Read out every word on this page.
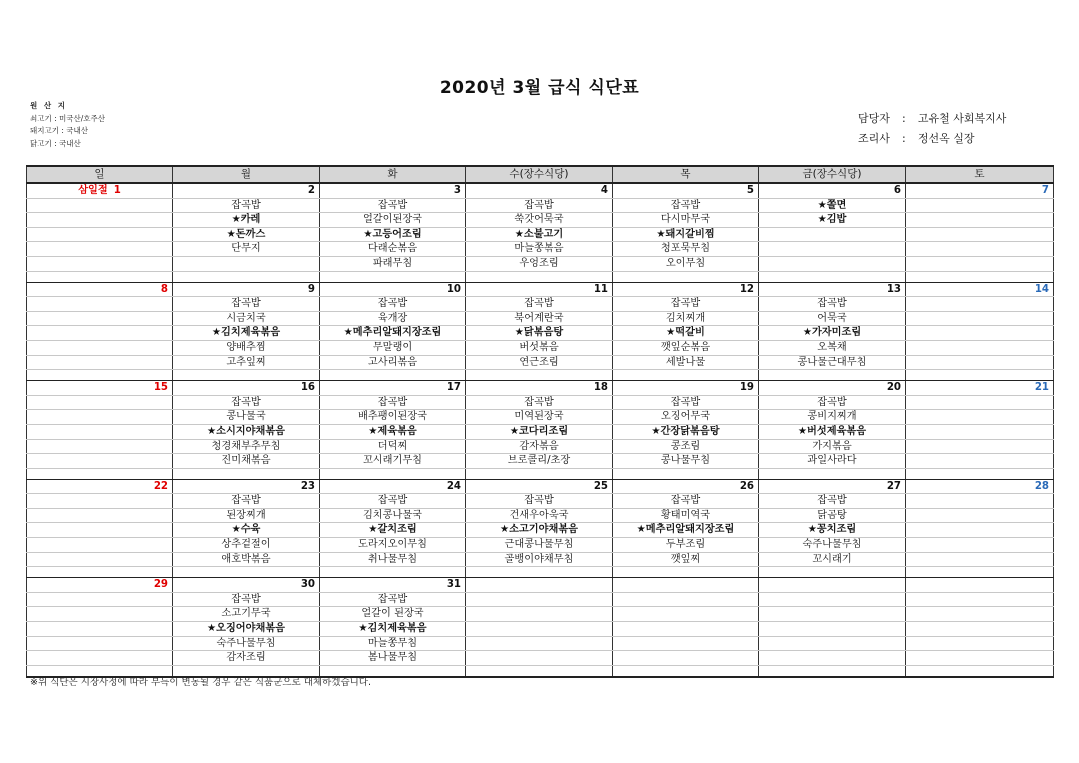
2020년 3월 급식 식단표
원 산 지
쇠고기 : 미국산/호주산
돼지고기 : 국내산
닭고기 : 국내산
담당자 : 고유철 사회복지사
조리사 : 정선옥 실장
일	월	화	수(장수식당)	목	금(장수식당)	토
삼일절 1	2	3	4	5	6	7
	잡곡밥	잡곡밥	잡곡밥	잡곡밥	★쫄면	
	★카레	얼갈이된장국	쑥갓어묵국	다시마무국	★김밥	
	★돈까스	★고등어조림	★소불고기	★돼지갈비찜		
	단무지	다래순볶음	마늘쫑볶음	청포묵무침		
		파래무침	우엉조림	오이무침		

8	9	10	11	12	13	14
	잡곡밥	잡곡밥	잡곡밥	잡곡밥	잡곡밥	
	시금치국	육개장	북어계란국	김치찌개	어묵국	
	★김치제육볶음	★메추리알돼지장조림	★닭볶음탕	★떡갈비	★가자미조림	
	양배추찜	무말랭이	버섯볶음	깻잎순볶음	오복채	
	고추잎찌	고사리볶음	연근조림	세발나물	콩나물근대무침	

15	16	17	18	19	20	21
	잡곡밥	잡곡밥	잡곡밥	잡곡밥	잡곡밥	
	콩나물국	배추팽이된장국	미역된장국	오징어무국	콩비지찌개	
	★소시지야채볶음	★제육볶음	★코다리조림	★간장닭볶음탕	★버섯제육볶음	
	청경채부추무침	더덕찌	감자볶음	콩조림	가지볶음	
	진미채볶음	꼬시래기무침	브로콜리/초장	콩나물무침	과일사라다	

22	23	24	25	26	27	28
	잡곡밥	잡곡밥	잡곡밥	잡곡밥	잡곡밥	
	된장찌개	김치콩나물국	건새우아욱국	황태미역국	닭곰탕	
	★수육	★갈치조림	★소고기야채볶음	★메추리알돼지장조림	★꽁치조림	
	상추겉절이	도라지오이무침	근대콩나물무침	두부조림	숙주나물무침	
	애호박볶음	취나물무침	골뱅이야채무침	깻잎찌	꼬시래기	

29	30	31				
	잡곡밥	잡곡밥				
	소고기무국	얼갈이 된장국				
	★오징어야채볶음	★김치제육볶음				
	숙주나물무침	마늘쫑무침				
	감자조림	봄나물무침				

※위 식단은 시장사정에 따라 부득이 변동될 경우 같은 식품군으로 대체하겠습니다.
